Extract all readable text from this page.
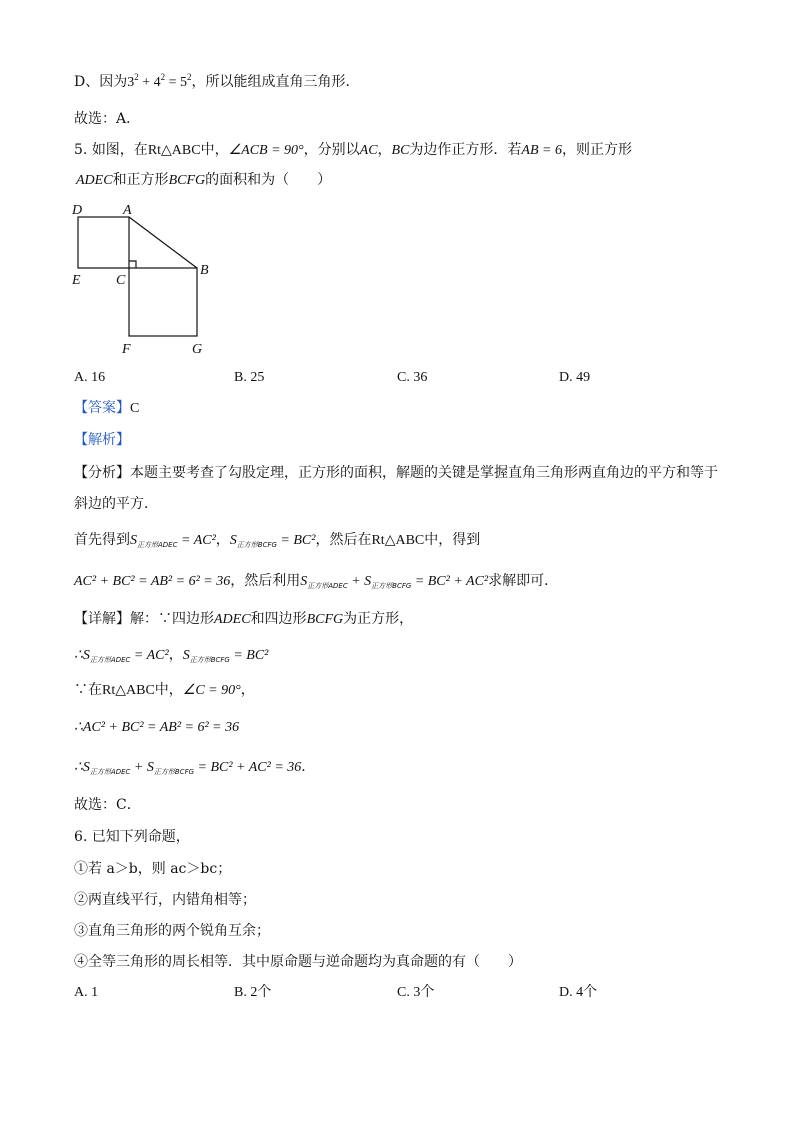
D、因为$3^2 + 4^2 = 5^2$，所以能组成直角三角形．
故选：A．
5. 如图，在Rt△ABC中，∠ACB = 90°，分别以AC，BC为边作正方形．若AB = 6，则正方形
ADEC和正方形BCFG的面积和为（　　）
D	A
E	C
B
F	G
A. 16	B. 25	C. 36	D. 49
【答案】C
【解析】
【分析】本题主要考查了勾股定理，正方形的面积，解题的关键是掌握直角三角形两直角边的平方和等于
斜边的平方．
首先得到$S_{正方形ADEC} = AC^2$，$S_{正方形BCFG} = BC^2$，然后在Rt△ABC中，得到
AC² + BC² = AB² = 6² = 36，然后利用$S_{正方形ADEC} + S_{正方形BCFG} = BC^2 + AC^2$求解即可．
【详解】解：∵四边形ADEC和四边形BCFG为正方形，
$\therefore S_{正方形ADEC} = AC^2$，$S_{正方形BCFG} = BC^2$
∵在Rt△ABC中，∠C = 90°，
∴AC² + BC² = AB² = 6² = 36
$\therefore S_{正方形ADEC} + S_{正方形BCFG} = BC^2 + AC^2 = 36$．
故选：C．
6. 已知下列命题，
①若 a＞b，则 ac＞bc；
②两直线平行，内错角相等；
③直角三角形的两个锐角互余；
④全等三角形的周长相等．其中原命题与逆命题均为真命题的有（　　）
A. 1	B. 2个	C. 3个	D. 4个
